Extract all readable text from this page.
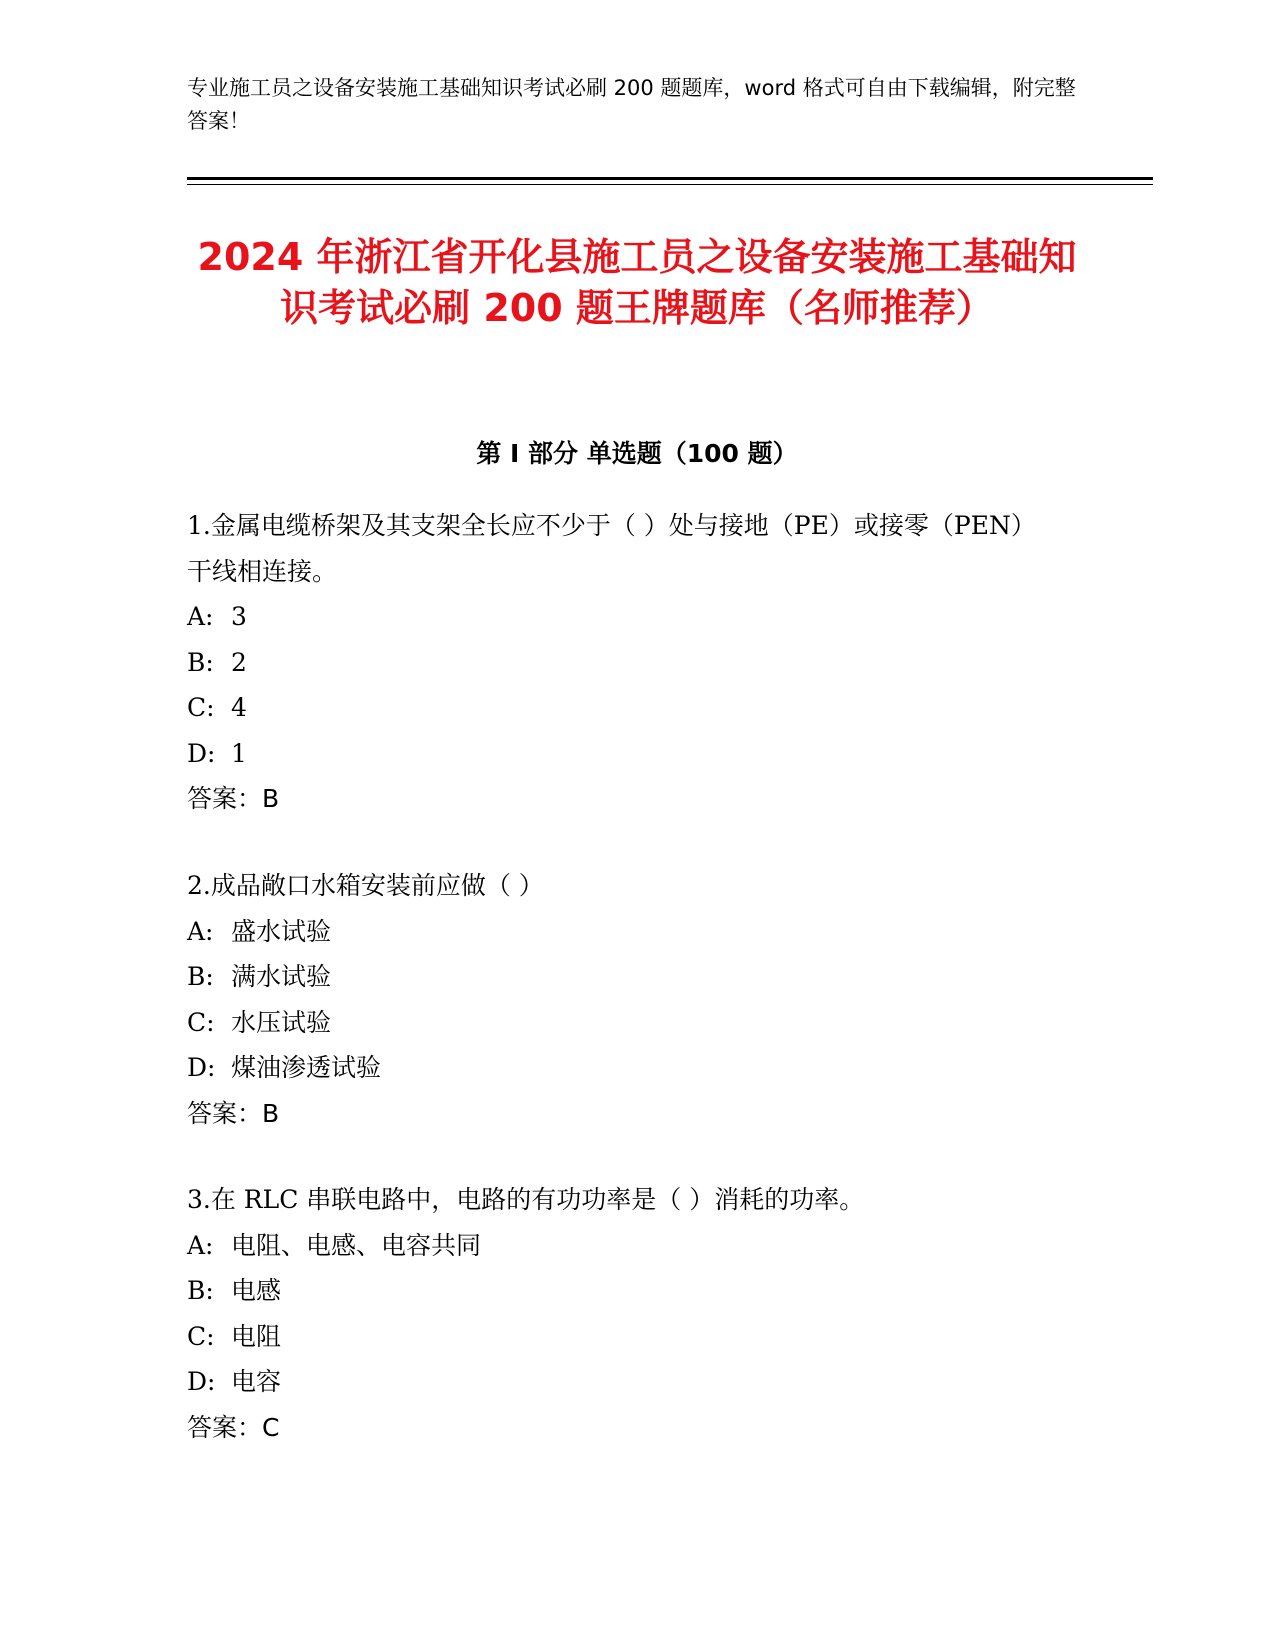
专业施工员之设备安装施工基础知识考试必刷 200 题题库，word 格式可自由下载编辑，附完整答案！
2024 年浙江省开化县施工员之设备安装施工基础知识考试必刷 200 题王牌题库（名师推荐）
第 I 部分 单选题（100 题）
1.金属电缆桥架及其支架全长应不少于（ ）处与接地（PE）或接零（PEN）干线相连接。
A: 3
B: 2
C: 4
D: 1
答案：B
2.成品敞口水箱安装前应做（ ）
A: 盛水试验
B: 满水试验
C: 水压试验
D: 煤油渗透试验
答案：B
3.在 RLC 串联电路中，电路的有功功率是（ ）消耗的功率。
A: 电阻、电感、电容共同
B: 电感
C: 电阻
D: 电容
答案：C
